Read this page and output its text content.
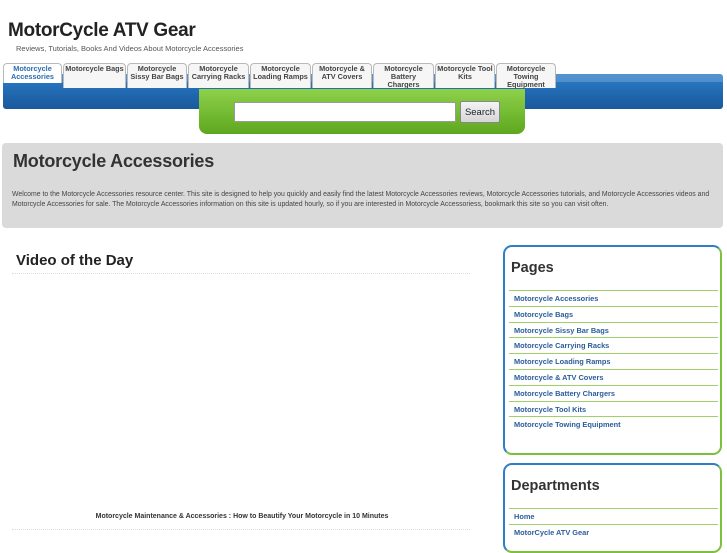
MotorCycle ATV Gear
Reviews, Tutorials, Books And Videos About Motorcycle Accessories
Motorcycle
Accessories
Motorcycle Bags	Motorcycle
Sissy Bar Bags
Motorcycle
Carrying Racks
Motorcycle
Loading Ramps
Motorcycle &
ATV Covers
Motorcycle
Battery
Chargers
Motorcycle Tool
Kits
Motorcycle
Towing
Equipment
Search
Motorcycle Accessories

Welcome to the Motorcycle Accessories resource center. This site is designed to help you quickly and easily find the latest Motorcycle Accessories reviews, Motorcycle Accessories tutorials, and Motorcycle Accessories videos and Motorcycle Accessories for sale. The Motorcycle Accessories information on this site is updated hourly, so if you are interested in Motorcycle Accessoriess, bookmark this site so you can visit often.

Video of the Day
Motorcycle Maintenance & Accessories : How to Beautify Your Motorcycle in 10 Minutes
Pages
Motorcycle Accessories
Motorcycle Bags
Motorcycle Sissy Bar Bags
Motorcycle Carrying Racks
Motorcycle Loading Ramps
Motorcycle & ATV Covers
Motorcycle Battery Chargers
Motorcycle Tool Kits
Motorcycle Towing Equipment
Departments
Home
MotorCycle ATV Gear
